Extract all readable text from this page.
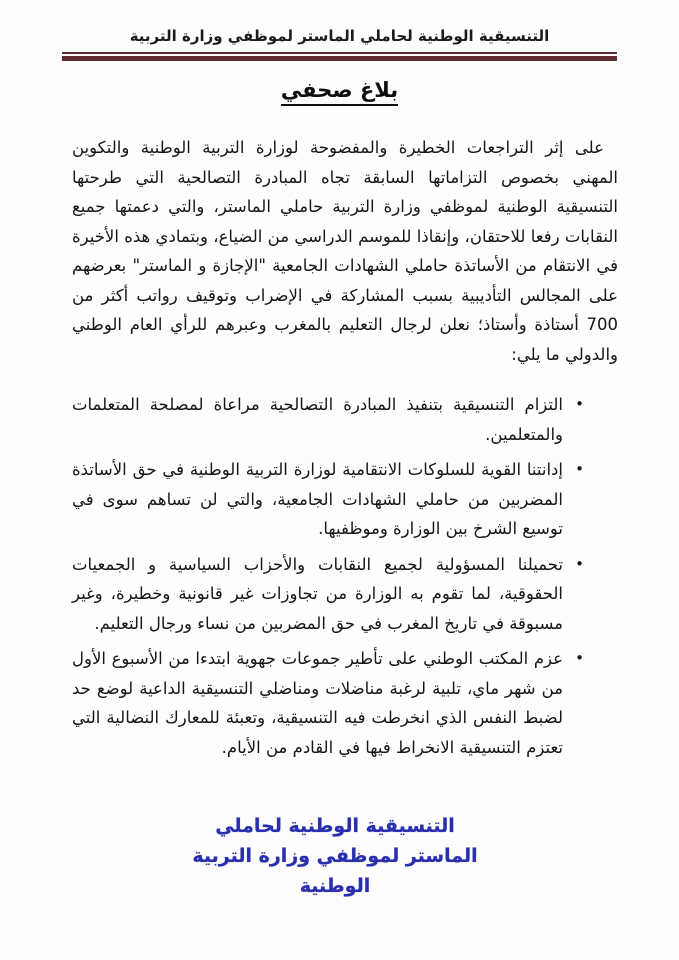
التنسيقية الوطنية لحاملي الماستر لموظفي وزارة التربية
بلاغ صحفي

على إثر التراجعات الخطيرة والمفضوحة لوزارة التربية الوطنية والتكوين المهني بخصوص التزاماتها السابقة تجاه المبادرة التصالحية التي طرحتها التنسيقية الوطنية لموظفي وزارة التربية حاملي الماستر، والتي دعمتها جميع النقابات رفعا للاحتقان، وإنقاذا للموسم الدراسي من الضياع، وبتمادي هذه الأخيرة في الانتقام من الأساتذة حاملي الشهادات الجامعية "الإجازة و الماستر" بعرضهم على المجالس التأديبية بسبب المشاركة في الإضراب وتوقيف رواتب أكثر من 700 أستاذة وأستاذ؛ نعلن لرجال التعليم بالمغرب وعبرهم للرأي العام الوطني والدولي ما يلي:

•
التزام التنسيقية بتنفيذ المبادرة التصالحية مراعاة لمصلحة المتعلمات والمتعلمين.
•
إدانتنا القوية للسلوكات الانتقامية لوزارة التربية الوطنية في حق الأساتذة المضربين من حاملي الشهادات الجامعية، والتي لن تساهم سوى في توسيع الشرخ بين الوزارة وموظفيها.
•
تحميلنا المسؤولية لجميع النقابات والأحزاب السياسية و الجمعيات الحقوقية، لما تقوم به الوزارة من تجاوزات غير قانونية وخطيرة، وغير مسبوقة في تاريخ المغرب في حق المضربين من نساء ورجال التعليم.
•
عزم المكتب الوطني على تأطير جموعات جهوية ابتدءا من الأسبوع الأول من شهر ماي، تلبية لرغبة مناضلات ومناضلي التنسيقية الداعية لوضع حد لضبط النفس الذي انخرطت فيه التنسيقية، وتعبئة للمعارك النضالية التي تعتزم التنسيقية الانخراط فيها في القادم من الأيام.
التنسيقية الوطنية لحاملي
الماستر لموظفي وزارة التربية
الوطنية
